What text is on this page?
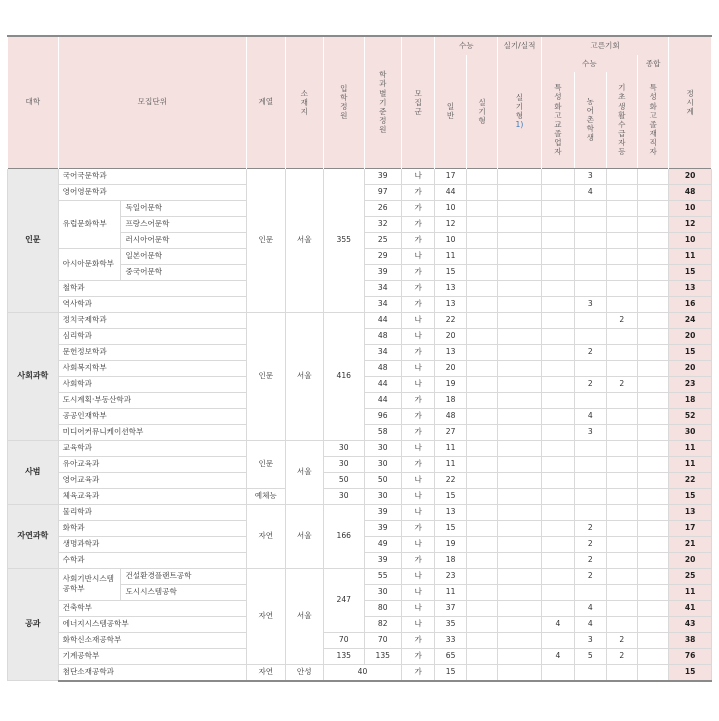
대학	모집단위		계열	소재지	입학정원	학과별기준정원	모집군	수능		실기/실적	고른기회				정시계
								일반	실기형	실기형
1)	수능			종합	
											특성화고교졸업자	농어촌학생	기초생활수급자등	특성화고졸재직자	
인문	국어국문학과		인문	서울	355	39	나	17				3			20
	영어영문학과					97	가	44				4			48
	유럽문화학부	독일어문학				26	가	10							10
		프랑스어문학				32	가	12							12
		러시아어문학				25	가	10							10
	아시아문화학부	일본어문학				29	나	11							11
		중국어문학				39	가	15							15
	철학과					34	가	13							13
	역사학과					34	가	13				3			16
사회과학	정치국제학과		인문	서울	416	44	나	22					2		24
	심리학과					48	나	20							20
	문헌정보학과					34	가	13				2			15
	사회복지학부					48	나	20							20
	사회학과					44	나	19				2	2		23
	도시계획·부동산학과					44	가	18							18
	공공인재학부					96	가	48				4			52
	미디어커뮤니케이션학부					58	가	27				3			30
사범	교육학과		인문	서울	30	30	나	11							11
	유아교육과				30	30	가	11							11
	영어교육과				50	50	나	22							22
	체육교육과		예체능		30	30	나	15							15
자연과학	물리학과		자연	서울	166	39	나	13							13
	화학과					39	가	15				2			17
	생명과학과					49	나	19				2			21
	수학과					39	가	18				2			20
공과	사회기반시스템공학부	건설환경플랜트공학	자연	서울	247	55	나	23				2			25
		도시시스템공학				30	나	11							11
	건축학부					80	나	37				4			41
	에너지시스템공학부					82	나	35			4	4			43
	화학신소재공학부				70	70	가	33				3	2		38
	기계공학부				135	135	가	65			4	5	2		76
	첨단소재공학과		자연	안성	40		가	15							15
